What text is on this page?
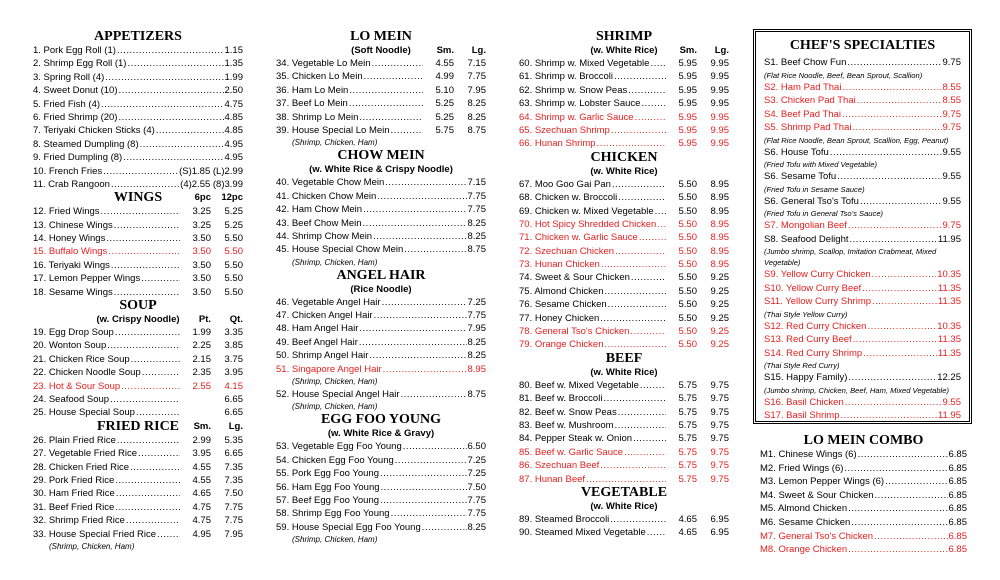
APPETIZERS
1. Pork Egg Roll (1) .....	1.15
2. Shrimp Egg Roll (1) .....	1.35
3. Spring Roll (4) .....	1.99
4. Sweet Donut (10) .....	2.50
5. Fried Fish (4) .....	4.75
6. Fried Shrimp (20) .....	4.85
7. Teriyaki Chicken Sticks (4) .....	4.85
8. Steamed Dumpling (8) .....	4.95
9. Fried Dumpling (8) .....	4.95
10. French Fries .....	(S)1.85 (L)2.99
11. Crab Rangoon .....	(4)2.55 (8)3.99
WINGS	6pc 12pc
12. Fried Wings .....	3.25	5.25
13. Chinese Wings .....	3.25	5.25
14. Honey Wings .....	3.50	5.50
15. Buffalo Wings .....	3.50	5.50
16. Teriyaki Wings .....	3.50	5.50
17. Lemon Pepper Wings .....	3.50	5.50
18. Sesame Wings .....	3.50	5.50
SOUP
(w. Crispy Noodle)	Pt. Qt.
19. Egg Drop Soup .....	1.99	3.35
20. Wonton Soup .....	2.25	3.85
21. Chicken Rice Soup .....	2.15	3.75
22. Chicken Noodle Soup .....	2.35	3.95
23. Hot & Sour Soup .....	2.55	4.15
24. Seafood Soup .....	6.65
25. House Special Soup .....	6.65
FRIED RICE	Sm. Lg.
26. Plain Fried Rice .....	2.99	5.35
27. Vegetable Fried Rice .....	3.95	6.65
28. Chicken Fried Rice .....	4.55	7.35
29. Pork Fried Rice .....	4.55	7.35
30. Ham Fried Rice .....	4.65	7.50
31. Beef Fried Rice .....	4.75	7.75
32. Shrimp Fried Rice .....	4.75	7.75
33. House Special Fried Rice .....	4.95	7.95
(Shrimp, Chicken, Ham)
LO MEIN
(Soft Noodle)	Sm. Lg.
34. Vegetable Lo Mein .....	4.55	7.15
35. Chicken Lo Mein .....	4.99	7.75
36. Ham Lo Mein .....	5.10	7.95
37. Beef Lo Mein .....	5.25	8.25
38. Shrimp Lo Mein .....	5.25	8.25
39. House Special Lo Mein .....	5.75	8.75
(Shrimp, Chicken, Ham)
CHOW MEIN
(w. White Rice & Crispy Noodle)
40. Vegetable Chow Mein .....	7.15
41. Chicken Chow Mein .....	7.75
42. Ham Chow Mein .....	7.75
43. Beef Chow Mein .....	8.25
44. Shrimp Chow Mein .....	8.25
45. House Special Chow Mein .....	8.75
(Shrimp, Chicken, Ham)
ANGEL HAIR
(Rice Noodle)
46. Vegetable Angel Hair .....	7.25
47. Chicken Angel Hair .....	7.75
48. Ham Angel Hair .....	7.95
49. Beef Angel Hair .....	8.25
50. Shrimp Angel Hair .....	8.25
51. Singapore Angel Hair .....	8.95
(Shrimp, Chicken, Ham)
52. House Special Angel Hair .....	8.75
(Shrimp, Chicken, Ham)
EGG FOO YOUNG
(w. White Rice & Gravy)
53. Vegetable Egg Foo Young .....	6.50
54. Chicken Egg Foo Young .....	7.25
55. Pork Egg Foo Young .....	7.25
56. Ham Egg Foo Young .....	7.50
57. Beef Egg Foo Young .....	7.75
58. Shrimp Egg Foo Young .....	7.75
59. House Special Egg Foo Young .....	8.25
(Shrimp, Chicken, Ham)
SHRIMP
(w. White Rice)	Sm. Lg.
60. Shrimp w. Mixed Vegetable .....	5.95	9.95
61. Shrimp w. Broccoli .....	5.95	9.95
62. Shrimp w. Snow Peas .....	5.95	9.95
63. Shrimp w. Lobster Sauce .....	5.95	9.95
64. Shrimp w. Garlic Sauce .....	5.95	9.95
65. Szechuan Shrimp .....	5.95	9.95
66. Hunan Shrimp .....	5.95	9.95
CHICKEN
(w. White Rice)
67. Moo Goo Gai Pan .....	5.50	8.95
68. Chicken w. Broccoli .....	5.50	8.95
69. Chicken w. Mixed Vegetable .....	5.50	8.95
70. Hot Spicy Shredded Chicken .....	5.50	8.95
71. Chicken w. Garlic Sauce .....	5.50	8.95
72. Szechuan Chicken .....	5.50	8.95
73. Hunan Chicken .....	5.50	8.95
74. Sweet & Sour Chicken .....	5.50	9.25
75. Almond Chicken .....	5.50	9.25
76. Sesame Chicken .....	5.50	9.25
77. Honey Chicken .....	5.50	9.25
78. General Tso's Chicken .....	5.50	9.25
79. Orange Chicken .....	5.50	9.25
BEEF
(w. White Rice)
80. Beef w. Mixed Vegetable .....	5.75	9.75
81. Beef w. Broccoli .....	5.75	9.75
82. Beef w. Snow Peas .....	5.75	9.75
83. Beef w. Mushroom .....	5.75	9.75
84. Pepper Steak w. Onion .....	5.75	9.75
85. Beef w. Garlic Sauce .....	5.75	9.75
86. Szechuan Beef .....	5.75	9.75
87. Hunan Beef .....	5.75	9.75
VEGETABLE
(w. White Rice)
89. Steamed Broccoli .....	4.65	6.95
90. Steamed Mixed Vegetable .....	4.65	6.95
CHEF'S SPECIALTIES
S1. Beef Chow Fun .....	9.75
(Flat Rice Noodle, Beef, Bean Sprout, Scallion)
S2. Ham Pad Thai .....	8.55
S3. Chicken Pad Thai .....	8.55
S4. Beef Pad Thai .....	9.75
S5. Shrimp Pad Thai .....	9.75
(Flat Rice Noodle, Bean Sprout, Scallion, Egg, Peanut)
S6. House Tofu .....	9.55
(Fried Tofu with Mixed Vegetable)
S6. Sesame Tofu .....	9.55
(Fried Tofu in Sesame Sauce)
S6. General Tso's Tofu .....	9.55
(Fried Tofu in General Tso's Sauce)
S7. Mongolian Beef .....	9.75
S8. Seafood Delight .....	11.95
(Jumbo shrimp, Scallop, Imitation Crabmeat, Mixed Vegetable)
S9. Yellow Curry Chicken .....	10.35
S10. Yellow Curry Beef .....	11.35
S11. Yellow Curry Shrimp .....	11.35
(Thai Style Yellow Curry)
S12. Red Curry Chicken .....	10.35
S13. Red Curry Beef .....	11.35
S14. Red Curry Shrimp .....	11.35
(Thai Style Red Curry)
S15. Happy Family) .....	12.25
(Jumbo shrimp, Chicken, Beef, Ham, Mixed Vegetable)
S16. Basil Chicken .....	9.55
S17. Basil Shrimp .....	11.95
LO MEIN COMBO
M1. Chinese Wings (6) .....	6.85
M2. Fried Wings (6) .....	6.85
M3. Lemon Pepper Wings (6) .....	6.85
M4. Sweet & Sour Chicken .....	6.85
M5. Almond Chicken .....	6.85
M6. Sesame Chicken .....	6.85
M7. General Tso's Chicken .....	6.85
M8. Orange Chicken .....	6.85
